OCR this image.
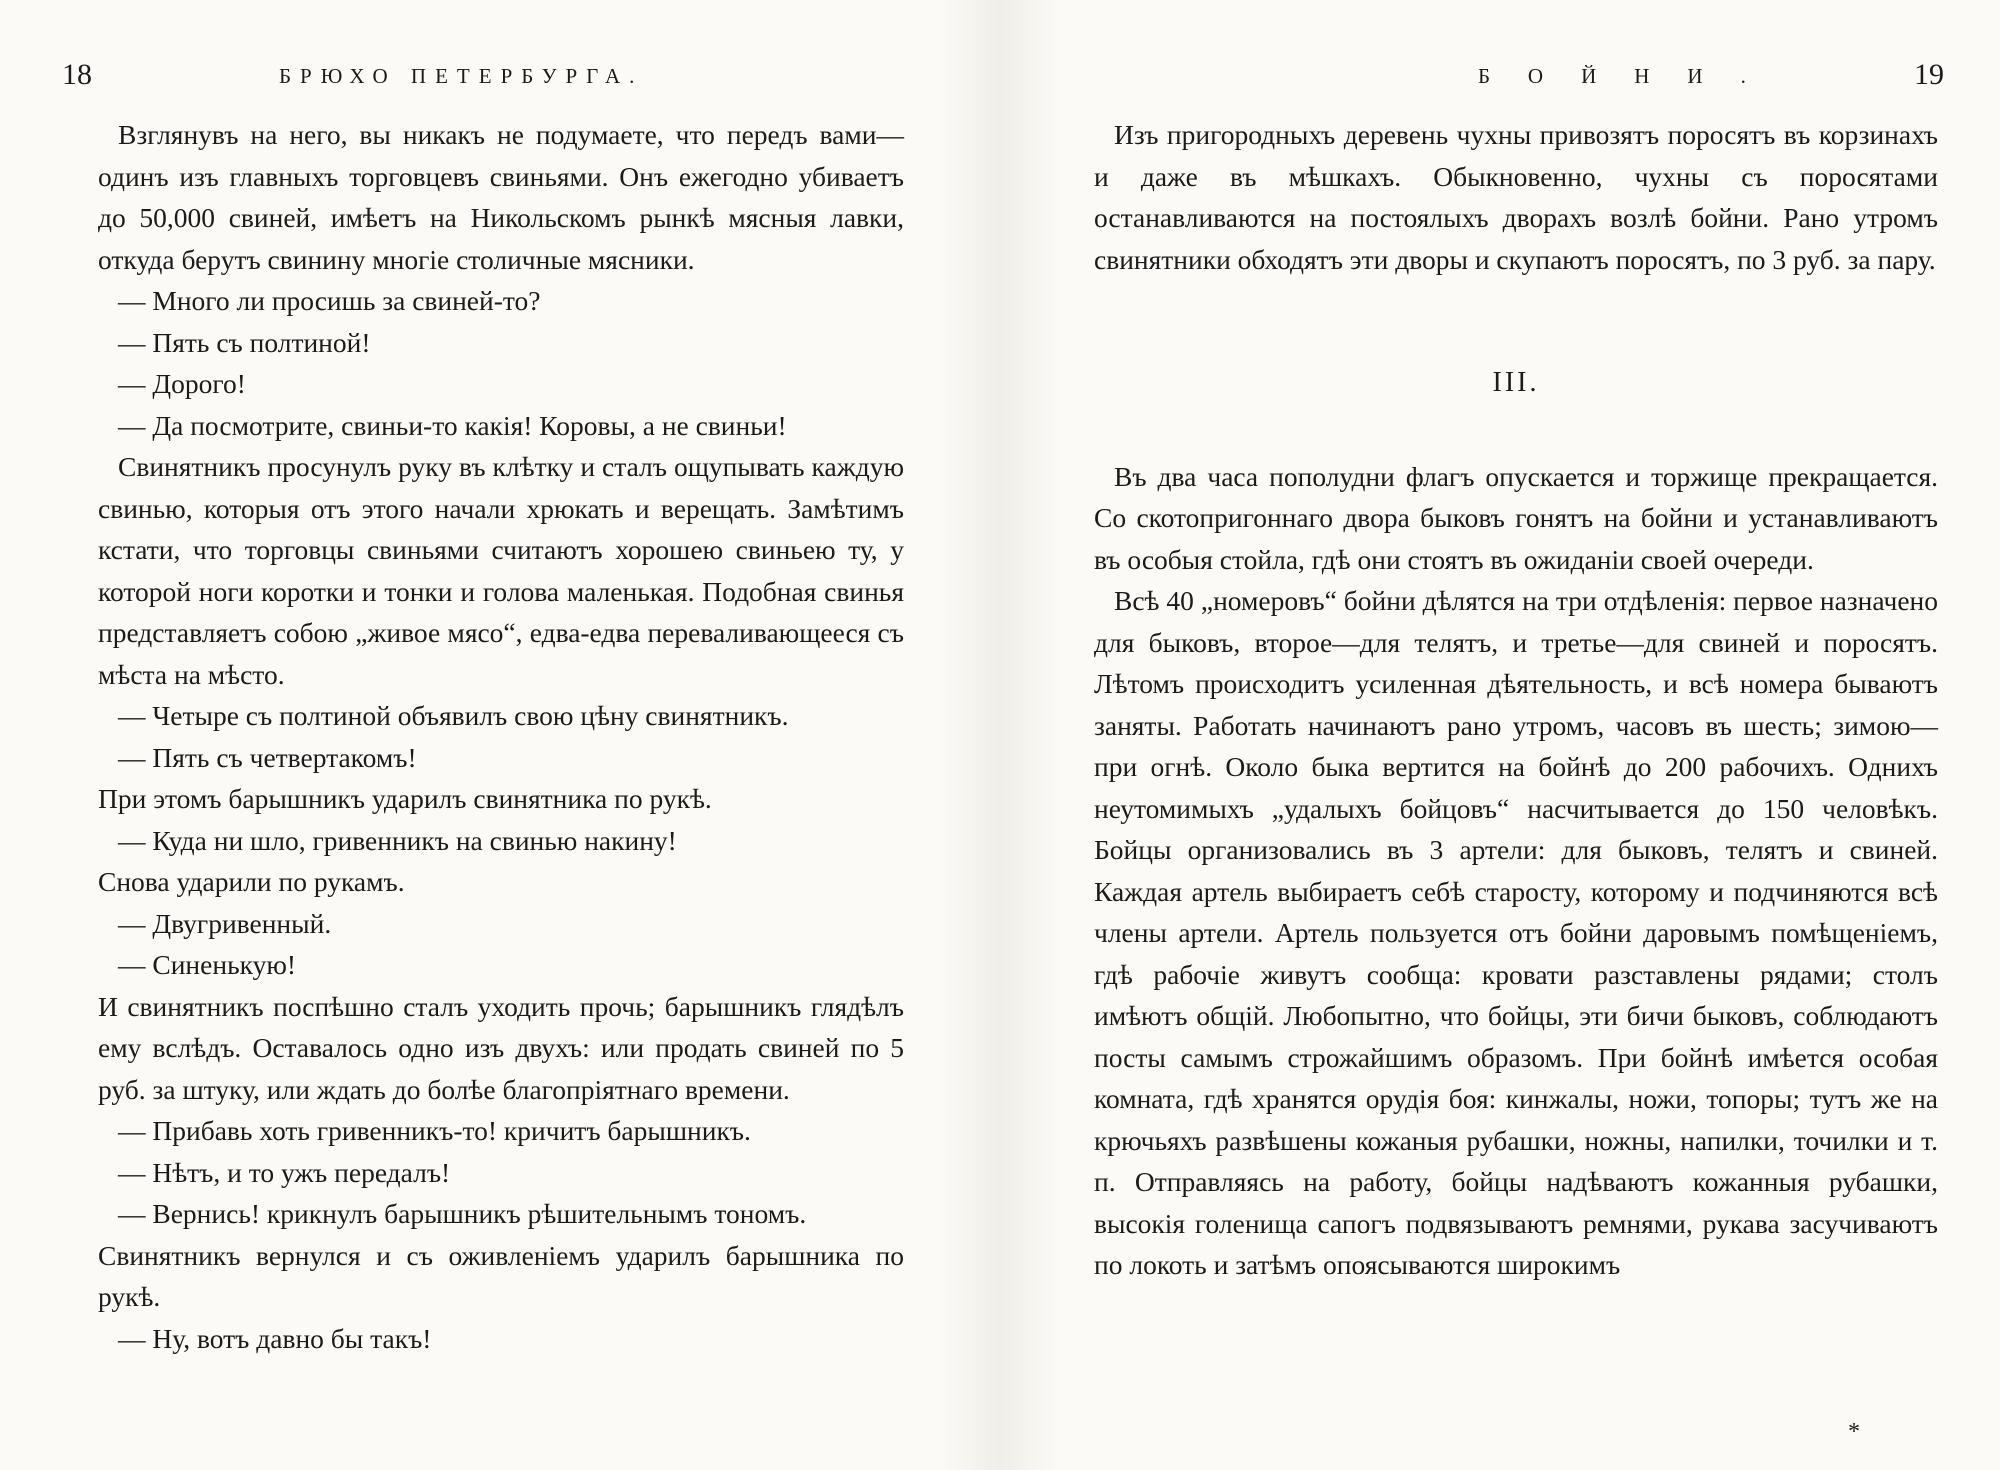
18	БРЮХО ПЕТЕРБУРГА.

Взглянувъ на него, вы никакъ не подумаете, что передъ вами—одинъ изъ главныхъ торговцевъ свиньями. Онъ ежегодно убиваетъ до 50,000 свиней, имѣетъ на Никольскомъ рынкѣ мясныя лавки, откуда берутъ свинину многіе столичные мясники.

— Много ли просишь за свиней-то?

— Пять съ полтиной!

— Дорого!

— Да посмотрите, свиньи-то какія! Коровы, а не свиньи!

Свинятникъ просунулъ руку въ клѣтку и сталъ ощупывать каждую свинью, которыя отъ этого начали хрюкать и верещать. Замѣтимъ кстати, что торговцы свиньями считаютъ хорошею свиньею ту, у которой ноги коротки и тонки и голова маленькая. Подобная свинья представляетъ собою „живое мясо“, едва-едва переваливающееся съ мѣста на мѣсто.

— Четыре съ полтиной объявилъ свою цѣну свинятникъ.

— Пять съ четвертакомъ!

При этомъ барышникъ ударилъ свинятника по рукѣ.

— Куда ни шло, гривенникъ на свинью накину!

Снова ударили по рукамъ.

— Двугривенный.

— Синенькую!

И свинятникъ поспѣшно сталъ уходить прочь; барышникъ глядѣлъ ему вслѣдъ. Оставалось одно изъ двухъ: или продать свиней по 5 руб. за штуку, или ждать до болѣе благопріятнаго времени.

— Прибавь хоть гривенникъ-то! кричитъ барышникъ.

— Нѣтъ, и то ужъ передалъ!

— Вернись! крикнулъ барышникъ рѣшительнымъ тономъ.

Свинятникъ вернулся и съ оживленіемъ ударилъ барышника по рукѣ.

— Ну, вотъ давно бы такъ!

БОЙНИ.	19

Изъ пригородныхъ деревень чухны привозятъ поросятъ въ корзинахъ и даже въ мѣшкахъ. Обыкновенно, чухны съ поросятами останавливаются на постоялыхъ дворахъ возлѣ бойни. Рано утромъ свинятники обходятъ эти дворы и скупаютъ поросятъ, по 3 руб. за пару.

III.

Въ два часа пополудни флагъ опускается и торжище прекращается. Со скотопригоннаго двора быковъ гонятъ на бойни и устанавливаютъ въ особыя стойла, гдѣ они стоятъ въ ожиданіи своей очереди.

Всѣ 40 „номеровъ“ бойни дѣлятся на три отдѣленія: первое назначено для быковъ, второе—для телятъ, и третье—для свиней и поросятъ. Лѣтомъ происходитъ усиленная дѣятельность, и всѣ номера бываютъ заняты. Работать начинаютъ рано утромъ, часовъ въ шесть; зимою—при огнѣ. Около быка вертится на бойнѣ до 200 рабочихъ. Однихъ неутомимыхъ „удалыхъ бойцовъ“ насчитывается до 150 человѣкъ. Бойцы организовались въ 3 артели: для быковъ, телятъ и свиней. Каждая артель выбираетъ себѣ старосту, которому и подчиняются всѣ члены артели. Артель пользуется отъ бойни даровымъ помѣщеніемъ, гдѣ рабочіе живутъ сообща: кровати разставлены рядами; столъ имѣютъ общій. Любопытно, что бойцы, эти бичи быковъ, соблюдаютъ посты самымъ строжайшимъ образомъ. При бойнѣ имѣется особая комната, гдѣ хранятся орудія боя: кинжалы, ножи, топоры; тутъ же на крючьяхъ развѣшены кожаныя рубашки, ножны, напилки, точилки и т. п. Отправляясь на работу, бойцы надѣваютъ кожанныя рубашки, высокія голенища сапогъ подвязываютъ ремнями, рукава засучиваютъ по локоть и затѣмъ опоясываются широкимъ

*
